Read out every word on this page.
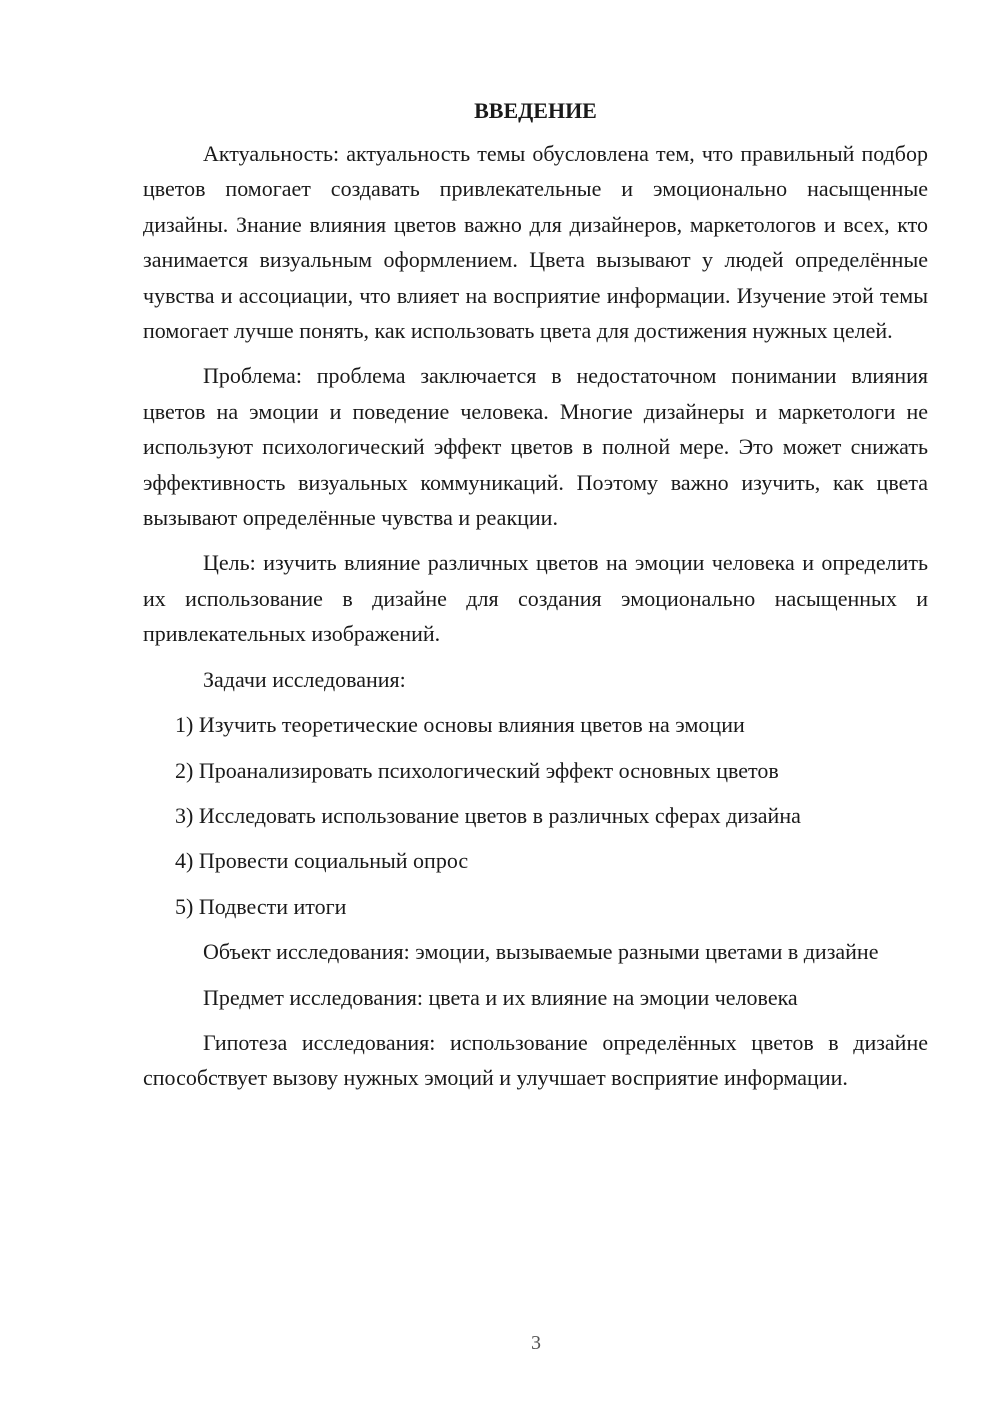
ВВЕДЕНИЕ

Актуальность: актуальность темы обусловлена тем, что правильный подбор цветов помогает создавать привлекательные и эмоционально насыщенные дизайны. Знание влияния цветов важно для дизайнеров, маркетологов и всех, кто занимается визуальным оформлением. Цвета вызывают у людей определённые чувства и ассоциации, что влияет на восприятие информации. Изучение этой темы помогает лучше понять, как использовать цвета для достижения нужных целей.

Проблема: проблема заключается в недостаточном понимании влияния цветов на эмоции и поведение человека. Многие дизайнеры и маркетологи не используют психологический эффект цветов в полной мере. Это может снижать эффективность визуальных коммуникаций. Поэтому важно изучить, как цвета вызывают определённые чувства и реакции.

Цель: изучить влияние различных цветов на эмоции человека и определить их использование в дизайне для создания эмоционально насыщенных и привлекательных изображений.

Задачи исследования:

1) Изучить теоретические основы влияния цветов на эмоции
2) Проанализировать психологический эффект основных цветов
3) Исследовать использование цветов в различных сферах дизайна
4) Провести социальный опрос
5) Подвести итоги

Объект исследования: эмоции, вызываемые разными цветами в дизайне

Предмет исследования: цвета и их влияние на эмоции человека

Гипотеза исследования: использование определённых цветов в дизайне способствует вызову нужных эмоций и улучшает восприятие информации.

3
